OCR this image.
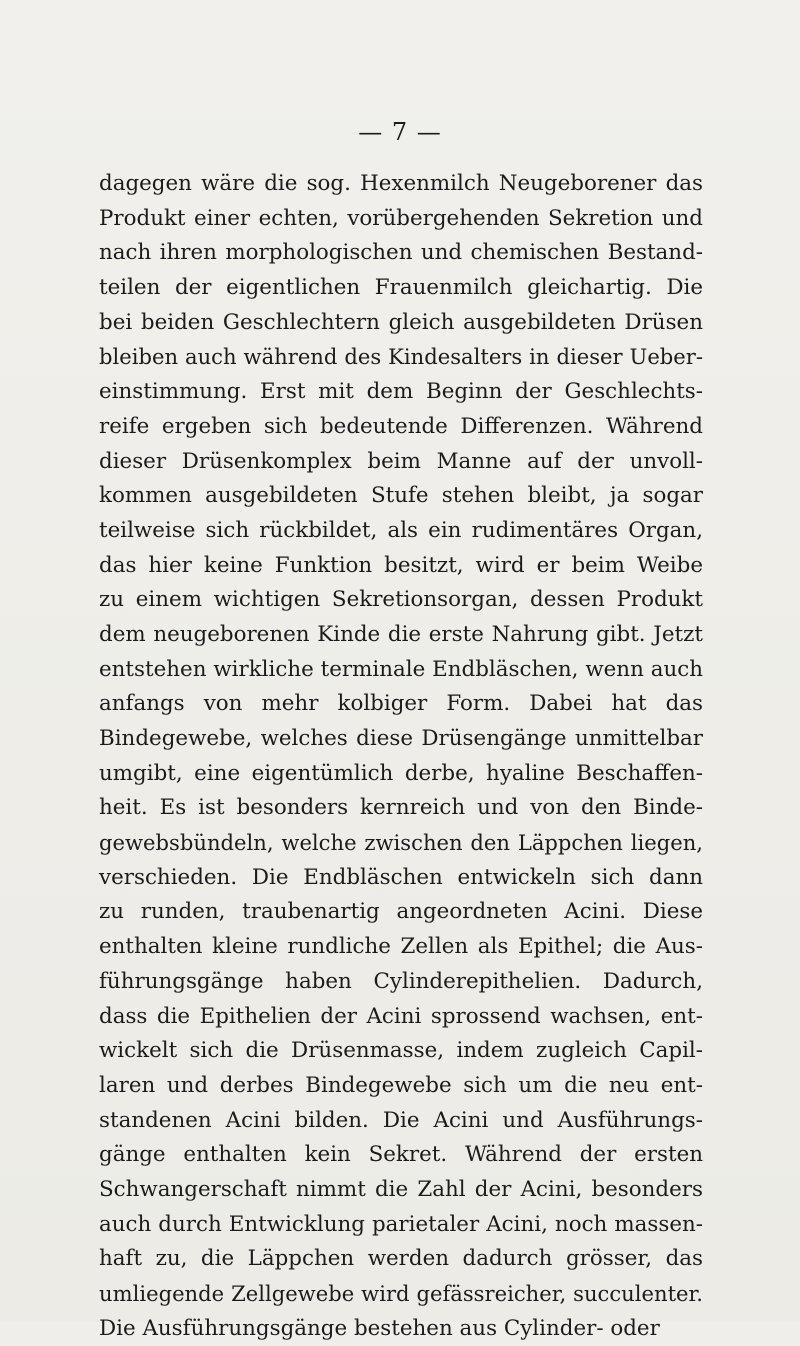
— 7 —
dagegen wäre die sog. Hexenmilch Neugeborener das
Produkt einer echten, vorübergehenden Sekretion und
nach ihren morphologischen und chemischen Bestand-
teilen der eigentlichen Frauenmilch gleichartig. Die
bei beiden Geschlechtern gleich ausgebildeten Drüsen
bleiben auch während des Kindesalters in dieser Ueber-
einstimmung. Erst mit dem Beginn der Geschlechts-
reife ergeben sich bedeutende Differenzen. Während
dieser Drüsenkomplex beim Manne auf der unvoll-
kommen ausgebildeten Stufe stehen bleibt, ja sogar
teilweise sich rückbildet, als ein rudimentäres Organ,
das hier keine Funktion besitzt, wird er beim Weibe
zu einem wichtigen Sekretionsorgan, dessen Produkt
dem neugeborenen Kinde die erste Nahrung gibt. Jetzt
entstehen wirkliche terminale Endbläschen, wenn auch
anfangs von mehr kolbiger Form. Dabei hat das
Bindegewebe, welches diese Drüsengänge unmittelbar
umgibt, eine eigentümlich derbe, hyaline Beschaffen-
heit. Es ist besonders kernreich und von den Binde-
gewebsbündeln, welche zwischen den Läppchen liegen,
verschieden. Die Endbläschen entwickeln sich dann
zu runden, traubenartig angeordneten Acini. Diese
enthalten kleine rundliche Zellen als Epithel; die Aus-
führungsgänge haben Cylinderepithelien. Dadurch,
dass die Epithelien der Acini sprossend wachsen, ent-
wickelt sich die Drüsenmasse, indem zugleich Capil-
laren und derbes Bindegewebe sich um die neu ent-
standenen Acini bilden. Die Acini und Ausführungs-
gänge enthalten kein Sekret. Während der ersten
Schwangerschaft nimmt die Zahl der Acini, besonders
auch durch Entwicklung parietaler Acini, noch massen-
haft zu, die Läppchen werden dadurch grösser, das
umliegende Zellgewebe wird gefässreicher, succulenter.
Die Ausführungsgänge bestehen aus Cylinder- oder
